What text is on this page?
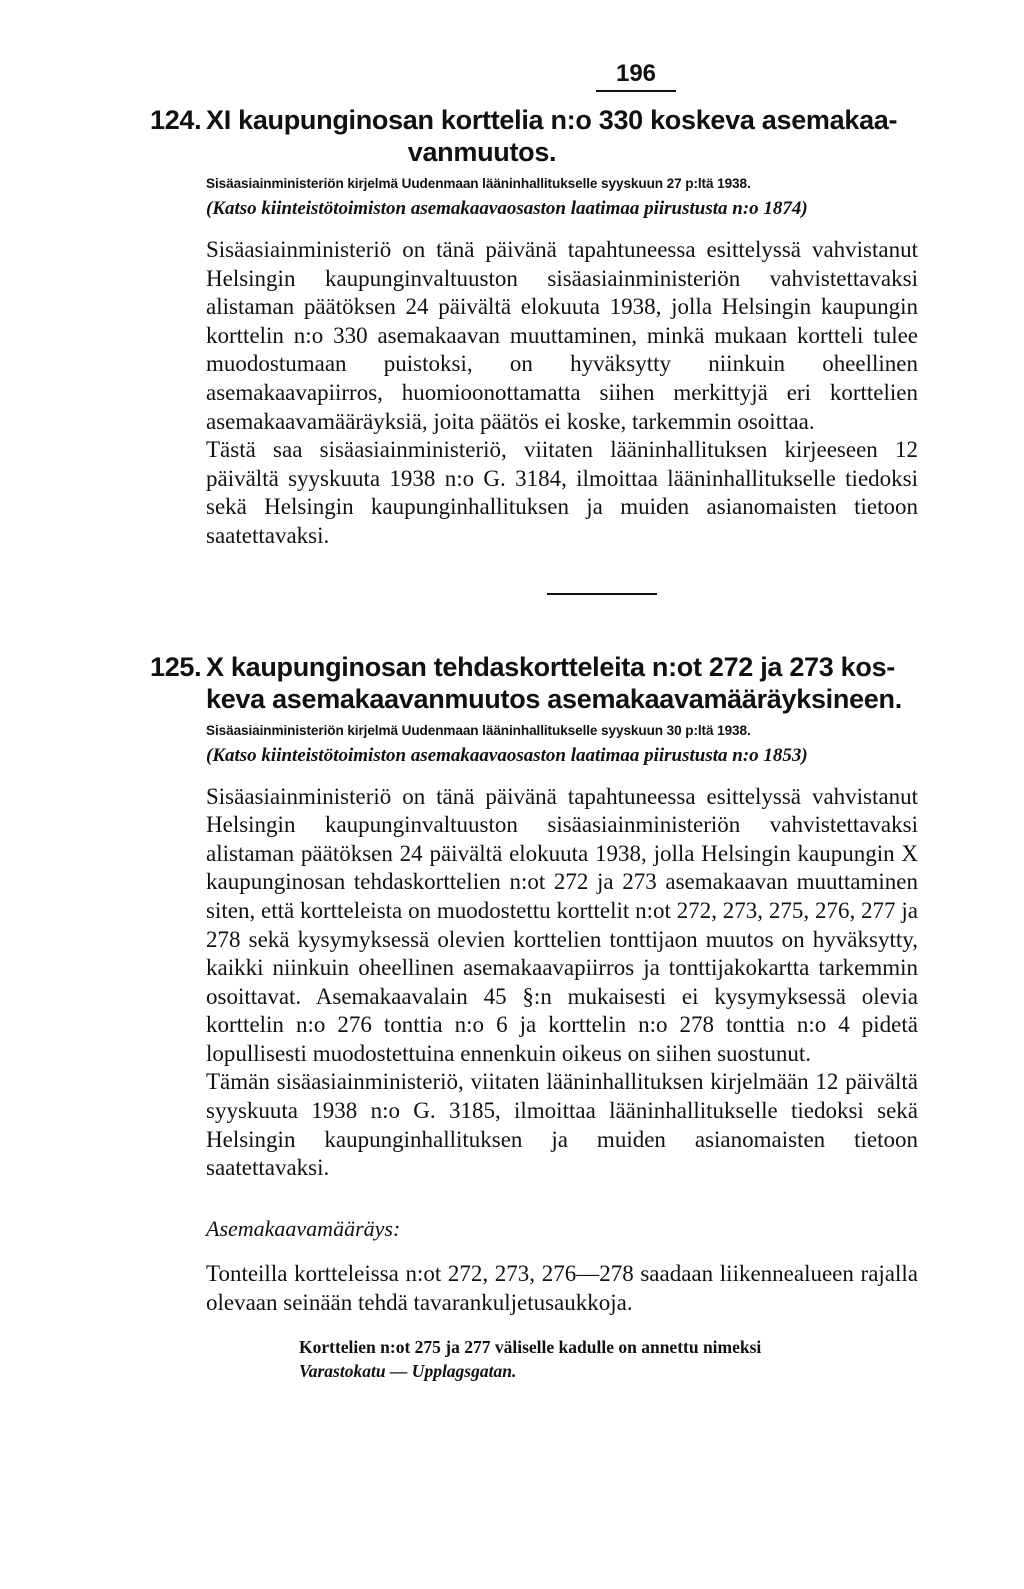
196
124. XI kaupunginosan korttelia n:o 330 koskeva asemakaa-
vanmuutos.
Sisäasiainministeriön kirjelmä Uudenmaan lääninhallitukselle syyskuun 27 p:ltä 1938.
(Katso kiinteistötoimiston asemakaavaosaston laatimaa piirustusta n:o 1874)

Sisäasiainministeriö on tänä päivänä tapahtuneessa esittelyssä vahvistanut Helsingin kaupunginvaltuuston sisäasiainministeriön vahvistettavaksi alistaman päätöksen 24 päivältä elokuuta 1938, jolla Helsingin kaupungin korttelin n:o 330 asemakaavan muuttaminen, minkä mukaan kortteli tulee muodostumaan puistoksi, on hyväksytty niinkuin oheellinen asemakaavapiirros, huomioonottamatta siihen merkittyjä eri korttelien asemakaavamääräyksiä, joita päätös ei koske, tarkemmin osoittaa.

Tästä saa sisäasiainministeriö, viitaten lääninhallituksen kirjeeseen 12 päivältä syyskuuta 1938 n:o G. 3184, ilmoittaa lääninhallitukselle tiedoksi sekä Helsingin kaupunginhallituksen ja muiden asianomaisten tietoon saatettavaksi.

125. X kaupunginosan tehdaskortteleita n:ot 272 ja 273 kos-
keva asemakaavanmuutos asemakaavamääräyksineen.
Sisäasiainministeriön kirjelmä Uudenmaan lääninhallitukselle syyskuun 30 p:ltä 1938.
(Katso kiinteistötoimiston asemakaavaosaston laatimaa piirustusta n:o 1853)

Sisäasiainministeriö on tänä päivänä tapahtuneessa esittelyssä vahvistanut Helsingin kaupunginvaltuuston sisäasiainministeriön vahvistettavaksi alistaman päätöksen 24 päivältä elokuuta 1938, jolla Helsingin kaupungin X kaupunginosan tehdaskorttelien n:ot 272 ja 273 asemakaavan muuttaminen siten, että kortteleista on muodostettu korttelit n:ot 272, 273, 275, 276, 277 ja 278 sekä kysymyksessä olevien korttelien tonttijaon muutos on hyväksytty, kaikki niinkuin oheellinen asemakaavapiirros ja tonttijakokartta tarkemmin osoittavat. Asemakaavalain 45 §:n mukaisesti ei kysymyksessä olevia korttelin n:o 276 tonttia n:o 6 ja korttelin n:o 278 tonttia n:o 4 pidetä lopullisesti muodostettuina ennenkuin oikeus on siihen suostunut.

Tämän sisäasiainministeriö, viitaten lääninhallituksen kirjelmään 12 päivältä syyskuuta 1938 n:o G. 3185, ilmoittaa lääninhallitukselle tiedoksi sekä Helsingin kaupunginhallituksen ja muiden asianomaisten tietoon saatettavaksi.

Asemakaavamääräys:
Tonteilla kortteleissa n:ot 272, 273, 276—278 saadaan liikennealueen rajalla olevaan seinään tehdä tavarankuljetusaukkoja.
Korttelien n:ot 275 ja 277 väliselle kadulle on annettu nimeksi
Varastokatu — Upplagsgatan.
